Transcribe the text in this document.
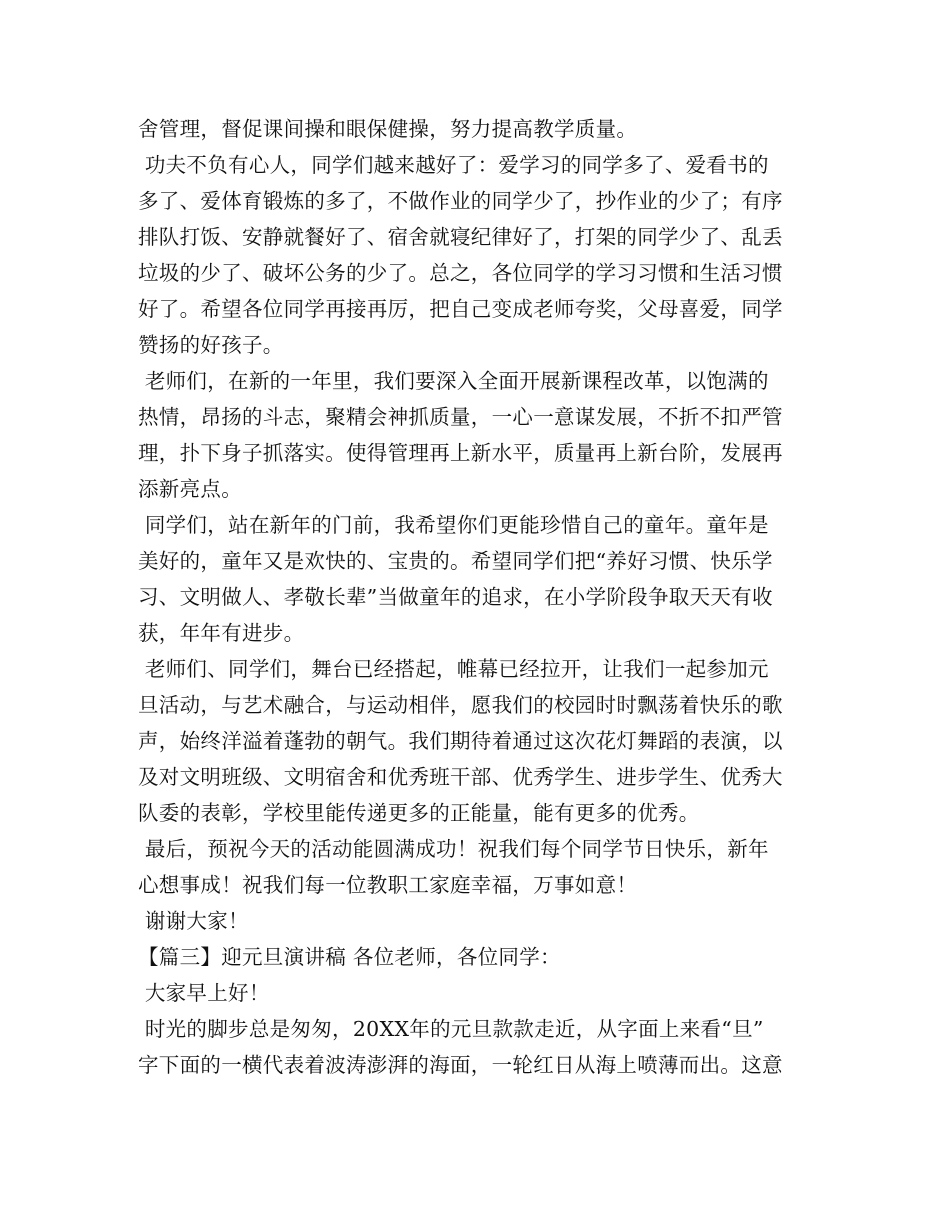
舍管理，督促课间操和眼保健操，努力提高教学质量。
功夫不负有心人，同学们越来越好了：爱学习的同学多了、爱看书的
多了、爱体育锻炼的多了，不做作业的同学少了，抄作业的少了；有序
排队打饭、安静就餐好了、宿舍就寝纪律好了，打架的同学少了、乱丢
垃圾的少了、破坏公务的少了。总之，各位同学的学习习惯和生活习惯
好了。希望各位同学再接再厉，把自己变成老师夸奖，父母喜爱，同学
赞扬的好孩子。
老师们，在新的一年里，我们要深入全面开展新课程改革，以饱满的
热情，昂扬的斗志，聚精会神抓质量，一心一意谋发展，不折不扣严管
理，扑下身子抓落实。使得管理再上新水平，质量再上新台阶，发展再
添新亮点。
同学们，站在新年的门前，我希望你们更能珍惜自己的童年。童年是
美好的，童年又是欢快的、宝贵的。希望同学们把“养好习惯、快乐学
习、文明做人、孝敬长辈”当做童年的追求，在小学阶段争取天天有收
获，年年有进步。
老师们、同学们，舞台已经搭起，帷幕已经拉开，让我们一起参加元
旦活动，与艺术融合，与运动相伴，愿我们的校园时时飘荡着快乐的歌
声，始终洋溢着蓬勃的朝气。我们期待着通过这次花灯舞蹈的表演，以
及对文明班级、文明宿舍和优秀班干部、优秀学生、进步学生、优秀大
队委的表彰，学校里能传递更多的正能量，能有更多的优秀。
最后，预祝今天的活动能圆满成功！祝我们每个同学节日快乐，新年
心想事成！祝我们每一位教职工家庭幸福，万事如意！
谢谢大家！
【篇三】迎元旦演讲稿 各位老师，各位同学：
大家早上好！
时光的脚步总是匆匆，20XX年的元旦款款走近，从字面上来看“旦”
字下面的一横代表着波涛澎湃的海面，一轮红日从海上喷薄而出。这意
